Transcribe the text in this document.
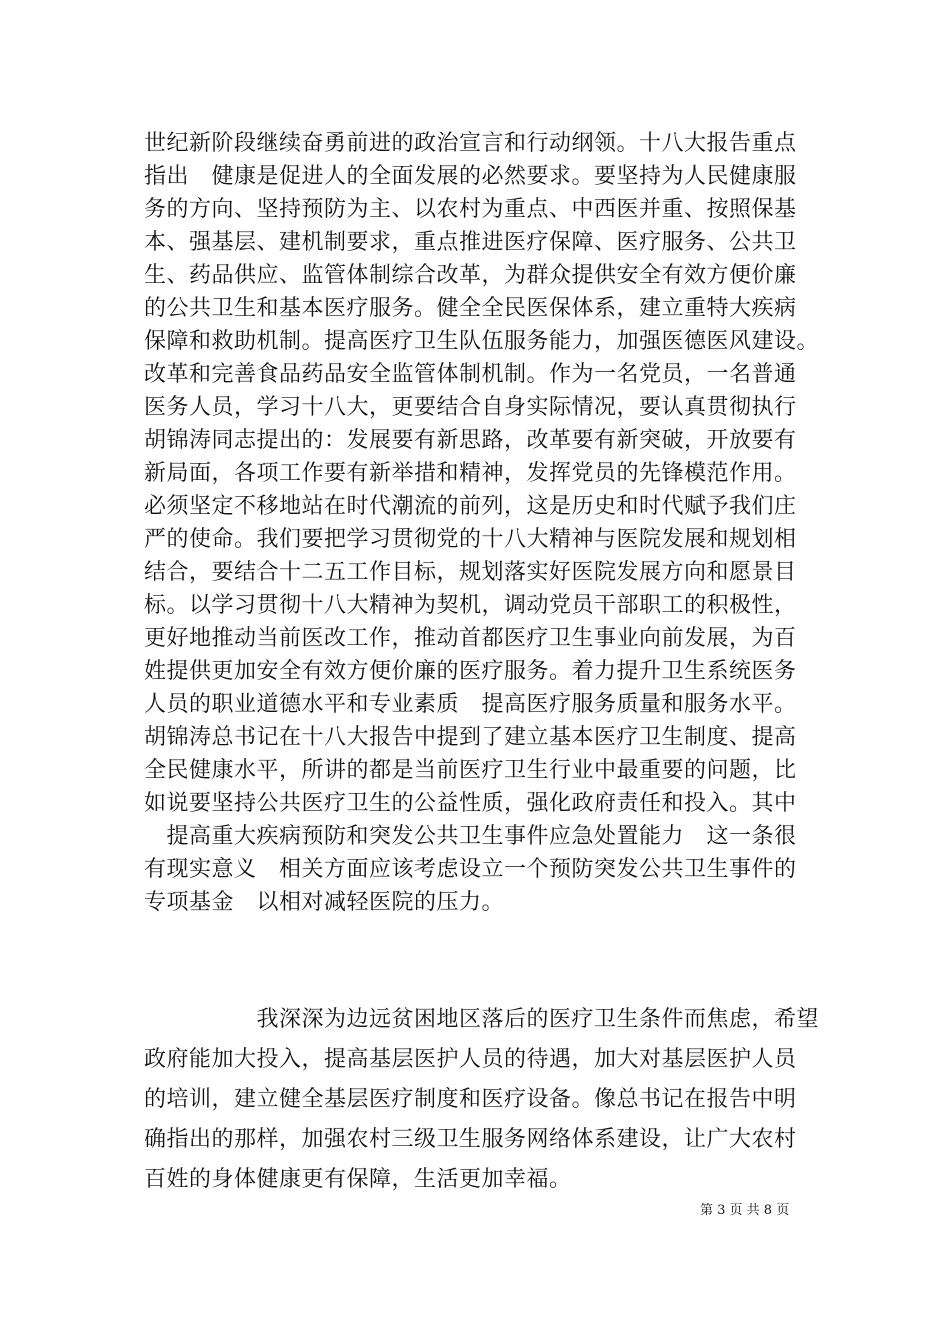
世纪新阶段继续奋勇前进的政治宣言和行动纲领。十八大报告重点
指出　健康是促进人的全面发展的必然要求。要坚持为人民健康服
务的方向、坚持预防为主、以农村为重点、中西医并重、按照保基
本、强基层、建机制要求，重点推进医疗保障、医疗服务、公共卫
生、药品供应、监管体制综合改革，为群众提供安全有效方便价廉
的公共卫生和基本医疗服务。健全全民医保体系，建立重特大疾病
保障和救助机制。提高医疗卫生队伍服务能力，加强医德医风建设。
改革和完善食品药品安全监管体制机制。作为一名党员，一名普通
医务人员，学习十八大，更要结合自身实际情况，要认真贯彻执行
胡锦涛同志提出的：发展要有新思路，改革要有新突破，开放要有
新局面，各项工作要有新举措和精神，发挥党员的先锋模范作用。
必须坚定不移地站在时代潮流的前列，这是历史和时代赋予我们庄
严的使命。我们要把学习贯彻党的十八大精神与医院发展和规划相
结合，要结合十二五工作目标，规划落实好医院发展方向和愿景目
标。以学习贯彻十八大精神为契机，调动党员干部职工的积极性，
更好地推动当前医改工作，推动首都医疗卫生事业向前发展，为百
姓提供更加安全有效方便价廉的医疗服务。着力提升卫生系统医务
人员的职业道德水平和专业素质　提高医疗服务质量和服务水平。
胡锦涛总书记在十八大报告中提到了建立基本医疗卫生制度、提高
全民健康水平，所讲的都是当前医疗卫生行业中最重要的问题，比
如说要坚持公共医疗卫生的公益性质，强化政府责任和投入。其中
　提高重大疾病预防和突发公共卫生事件应急处置能力　这一条很
有现实意义　相关方面应该考虑设立一个预防突发公共卫生事件的
专项基金　以相对减轻医院的压力。
　　　　　我深深为边远贫困地区落后的医疗卫生条件而焦虑，希望
政府能加大投入，提高基层医护人员的待遇，加大对基层医护人员
的培训，建立健全基层医疗制度和医疗设备。像总书记在报告中明
确指出的那样，加强农村三级卫生服务网络体系建设，让广大农村
百姓的身体健康更有保障，生活更加幸福。
第 3 页 共 8 页
